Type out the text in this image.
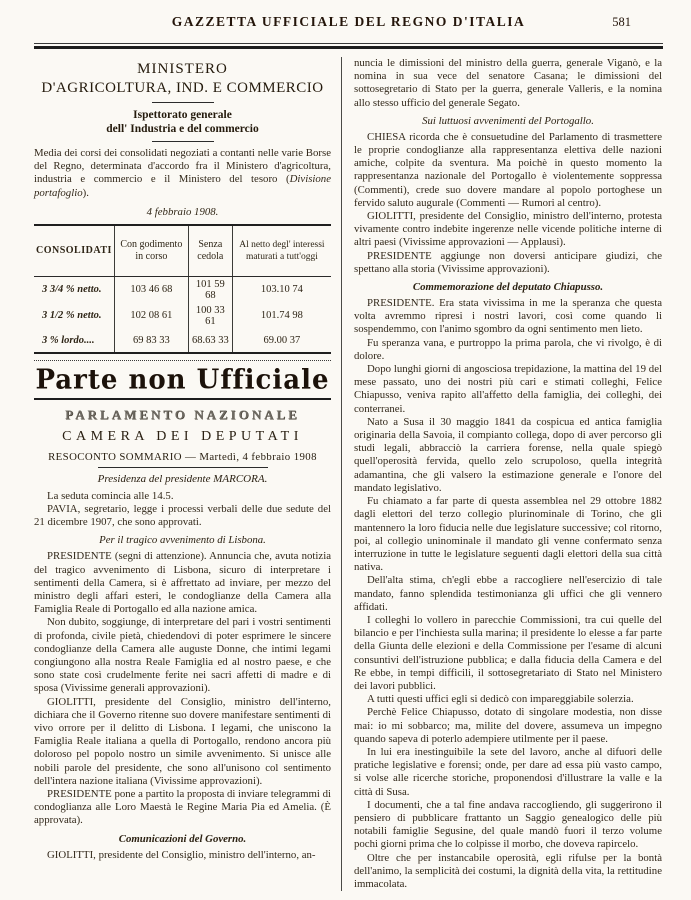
GAZZETTA UFFICIALE DEL REGNO D'ITALIA	581
MINISTERO
D'AGRICOLTURA, IND. E COMMERCIO
Ispettorato generale
dell' Industria e del commercio

Media dei corsi dei consolidati negoziati a contanti nelle varie Borse del Regno, determinata d'accordo fra il Ministero d'agricoltura, industria e commercio e il Ministero del tesoro (Divisione portafoglio).

4 febbraio 1908.
CONSOLIDATI	Con godimento in corso	Senza cedola	Al netto degl' interessi maturati a tutt'oggi
3 3/4 % netto.	103 46 68	101 59 68	103.10 74
3 1/2 % netto.	102 08 61	100 33 61	101.74 98
3 % lordo....	69 83 33	68.63 33	69.00 37
Parte non Ufficiale
PARLAMENTO NAZIONALE
CAMERA DEI DEPUTATI
RESOCONTO SOMMARIO — Martedì, 4 febbraio 1908
Presidenza del presidente MARCORA.

La seduta comincia alle 14.5.

PAVIA, segretario, legge i processi verbali delle due sedute del 21 dicembre 1907, che sono approvati.

Per il tragico avvenimento di Lisbona.

PRESIDENTE (segni di attenzione). Annuncia che, avuta notizia del tragico avvenimento di Lisbona, sicuro di interpretare i sentimenti della Camera, si è affrettato ad inviare, per mezzo del ministro degli affari esteri, le condoglianze della Camera alla Famiglia Reale di Portogallo ed alla nazione amica.

Non dubito, soggiunge, di interpretare del pari i vostri sentimenti di profonda, civile pietà, chiedendovi di poter esprimere le sincere condoglianze della Camera alle auguste Donne, che intimi legami congiungono alla nostra Reale Famiglia ed al nostro paese, e che sono state così crudelmente ferite nei sacri affetti di madre e di sposa (Vivissime generali approvazioni).

GIOLITTI, presidente del Consiglio, ministro dell'interno, dichiara che il Governo ritenne suo dovere manifestare sentimenti di vivo orrore per il delitto di Lisbona. I legami, che uniscono la Famiglia Reale italiana a quella di Portogallo, rendono ancora più doloroso pel popolo nostro un simile avvenimento. Si unisce alle nobili parole del presidente, che sono all'unisono col sentimento dell'intera nazione italiana (Vivissime approvazioni).

PRESIDENTE pone a partito la proposta di inviare telegrammi di condoglianza alle Loro Maestà le Regine Maria Pia ed Amelia. (È approvata).

Comunicazioni del Governo.

GIOLITTI, presidente del Consiglio, ministro dell'interno, an-

nuncia le dimissioni del ministro della guerra, generale Viganò, e la nomina in sua vece del senatore Casana; le dimissioni del sottosegretario di Stato per la guerra, generale Valleris, e la nomina allo stesso ufficio del generale Segato.

Sui luttuosi avvenimenti del Portogallo.

CHIESA ricorda che è consuetudine del Parlamento di trasmettere le proprie condoglianze alla rappresentanza elettiva delle nazioni amiche, colpite da sventura. Ma poichè in questo momento la rappresentanza nazionale del Portogallo è violentemente soppressa (Commenti), crede suo dovere mandare al popolo portoghese un fervido saluto augurale (Commenti — Rumori al centro).

GIOLITTI, presidente del Consiglio, ministro dell'interno, protesta vivamente contro indebite ingerenze nelle vicende politiche interne di altri paesi (Vivissime approvazioni — Applausi).

PRESIDENTE aggiunge non doversi anticipare giudizi, che spettano alla storia (Vivissime approvazioni).

Commemorazione del deputato Chiapusso.

PRESIDENTE. Era stata vivissima in me la speranza che questa volta avremmo ripresi i nostri lavori, così come quando li sospendemmo, con l'animo sgombro da ogni sentimento men lieto.

Fu speranza vana, e purtroppo la prima parola, che vi rivolgo, è di dolore.

Dopo lunghi giorni di angosciosa trepidazione, la mattina del 19 del mese passato, uno dei nostri più cari e stimati colleghi, Felice Chiapusso, veniva rapito all'affetto della famiglia, dei colleghi, dei conterranei.

Nato a Susa il 30 maggio 1841 da cospicua ed antica famiglia originaria della Savoia, il compianto collega, dopo di aver percorso gli studi legali, abbracciò la carriera forense, nella quale spiegò quell'operosità fervida, quello zelo scrupoloso, quella integrità adamantina, che gli valsero la estimazione generale e l'onore del mandato legislativo.

Fu chiamato a far parte di questa assemblea nel 29 ottobre 1882 dagli elettori del terzo collegio plurinominale di Torino, che gli mantennero la loro fiducia nelle due legislature successive; col ritorno, poi, al collegio uninominale il mandato gli venne confermato senza interruzione in tutte le legislature seguenti dagli elettori della sua città nativa.

Dell'alta stima, ch'egli ebbe a raccogliere nell'esercizio di tale mandato, fanno splendida testimonianza gli uffici che gli vennero affidati.

I colleghi lo vollero in parecchie Commissioni, tra cui quelle del bilancio e per l'inchiesta sulla marina; il presidente lo elesse a far parte della Giunta delle elezioni e della Commissione per l'esame di alcuni consuntivi dell'istruzione pubblica; e dalla fiducia della Camera e del Re ebbe, in tempi difficili, il sottosegretariato di Stato nel Ministero dei lavori pubblici.

A tutti questi uffici egli si dedicò con impareggiabile solerzia.

Perchè Felice Chiapusso, dotato di singolare modestia, non disse mai: io mi sobbarco; ma, milite del dovere, assumeva un impegno quando sapeva di poterlo adempiere utilmente per il paese.

In lui era inestinguibile la sete del lavoro, anche al difuori delle pratiche legislative e forensi; onde, per dare ad essa più vasto campo, si volse alle ricerche storiche, proponendosi d'illustrare la valle e la città di Susa.

I documenti, che a tal fine andava raccogliendo, gli suggerirono il pensiero di pubblicare frattanto un Saggio genealogico delle più notabili famiglie Segusine, del quale mandò fuori il terzo volume pochi giorni prima che lo colpisse il morbo, che doveva rapircelo.

Oltre che per instancabile operosità, egli rifulse per la bontà dell'animo, la semplicità dei costumi, la dignità della vita, la rettitudine immacolata.
